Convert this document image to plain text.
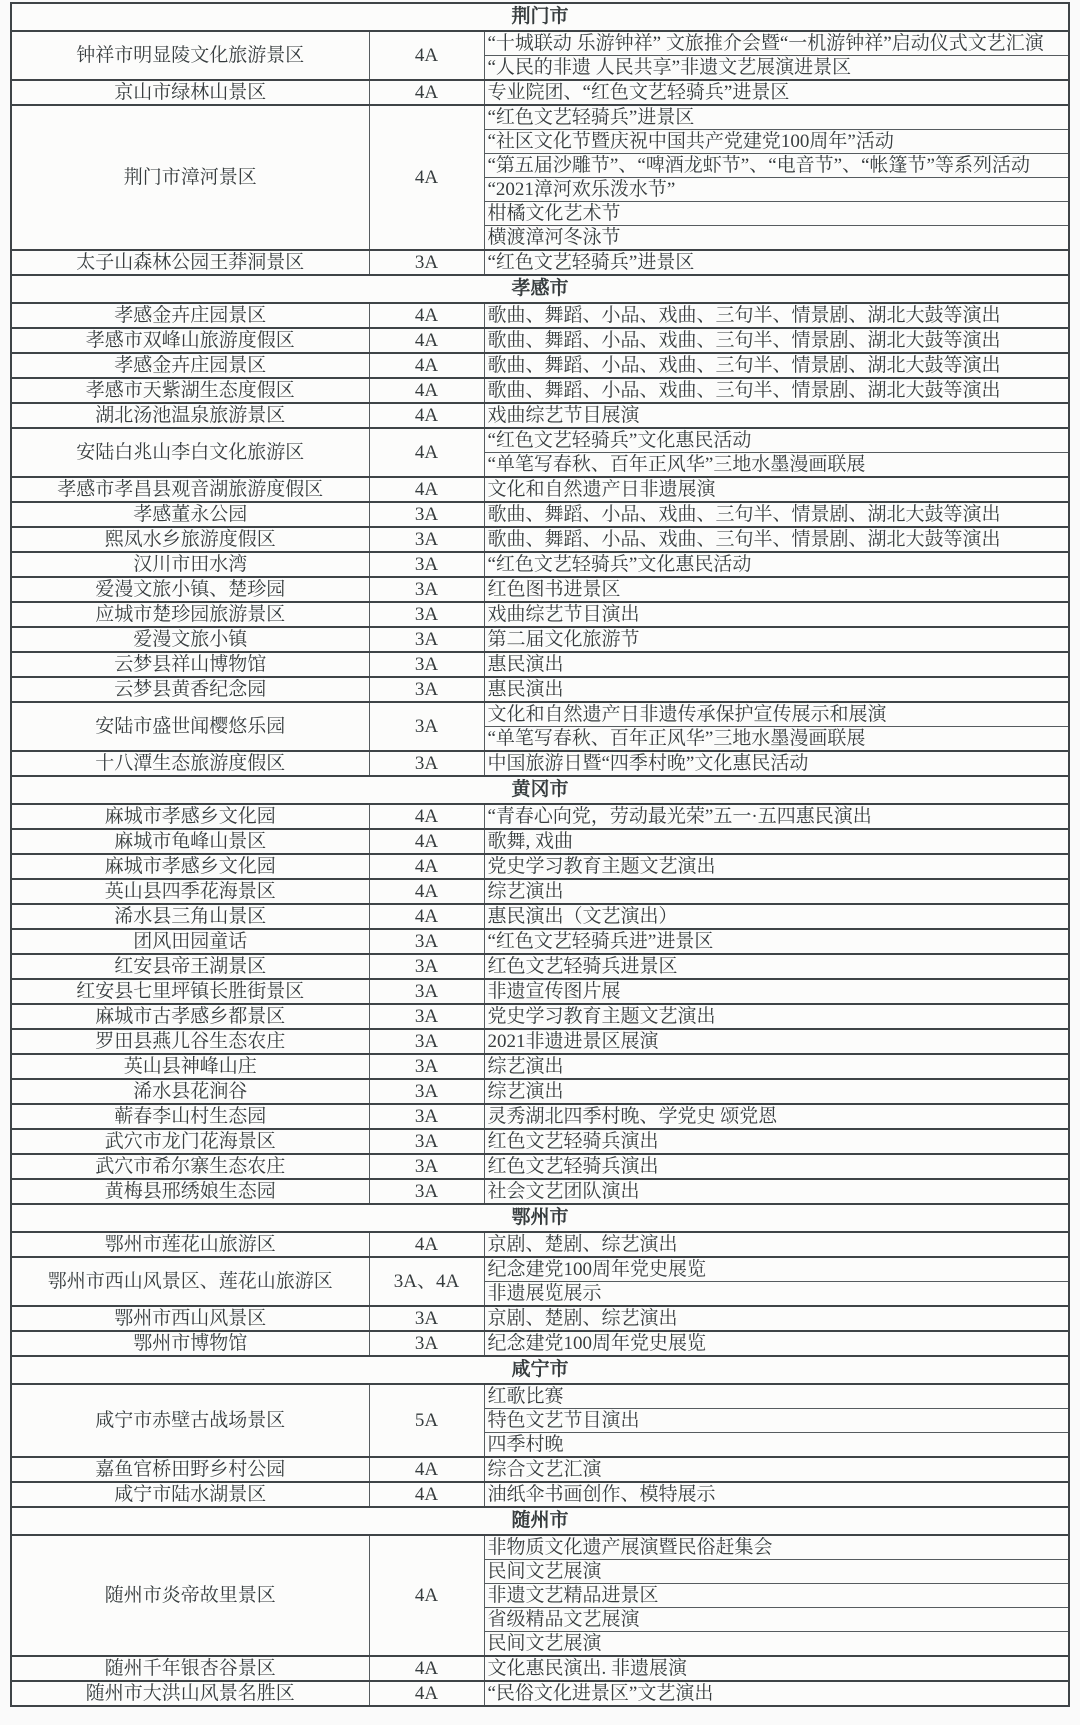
荆门市		
钟祥市明显陵文化旅游景区	4A	“十城联动 乐游钟祥” 文旅推介会暨“一机游钟祥”启动仪式文艺汇演
		“人民的非遗 人民共享”非遗文艺展演进景区
京山市绿林山景区	4A	专业院团、“红色文艺轻骑兵”进景区
荆门市漳河景区	4A	“红色文艺轻骑兵”进景区
		“社区文化节暨庆祝中国共产党建党100周年”活动
		“第五届沙雕节”、“啤酒龙虾节”、“电音节”、“帐篷节”等系列活动
		“2021漳河欢乐泼水节”
		柑橘文化艺术节
		横渡漳河冬泳节
太子山森林公园王莽洞景区	3A	“红色文艺轻骑兵”进景区
孝感市		
孝感金卉庄园景区	4A	歌曲、舞蹈、小品、戏曲、三句半、情景剧、湖北大鼓等演出
孝感市双峰山旅游度假区	4A	歌曲、舞蹈、小品、戏曲、三句半、情景剧、湖北大鼓等演出
孝感金卉庄园景区	4A	歌曲、舞蹈、小品、戏曲、三句半、情景剧、湖北大鼓等演出
孝感市天紫湖生态度假区	4A	歌曲、舞蹈、小品、戏曲、三句半、情景剧、湖北大鼓等演出
湖北汤池温泉旅游景区	4A	戏曲综艺节目展演
安陆白兆山李白文化旅游区	4A	“红色文艺轻骑兵”文化惠民活动
		“单笔写春秋、百年正风华”三地水墨漫画联展
孝感市孝昌县观音湖旅游度假区	4A	文化和自然遗产日非遗展演
孝感董永公园	3A	歌曲、舞蹈、小品、戏曲、三句半、情景剧、湖北大鼓等演出
熙凤水乡旅游度假区	3A	歌曲、舞蹈、小品、戏曲、三句半、情景剧、湖北大鼓等演出
汉川市田水湾	3A	“红色文艺轻骑兵”文化惠民活动
爱漫文旅小镇、楚珍园	3A	红色图书进景区
应城市楚珍园旅游景区	3A	戏曲综艺节目演出
爱漫文旅小镇	3A	第二届文化旅游节
云梦县祥山博物馆	3A	惠民演出
云梦县黄香纪念园	3A	惠民演出
安陆市盛世闻樱悠乐园	3A	文化和自然遗产日非遗传承保护宣传展示和展演
		“单笔写春秋、百年正风华”三地水墨漫画联展
十八潭生态旅游度假区	3A	中国旅游日暨“四季村晚”文化惠民活动
黄冈市		
麻城市孝感乡文化园	4A	“青春心向党，劳动最光荣”五一·五四惠民演出
麻城市龟峰山景区	4A	歌舞, 戏曲
麻城市孝感乡文化园	4A	党史学习教育主题文艺演出
英山县四季花海景区	4A	综艺演出
浠水县三角山景区	4A	惠民演出（文艺演出）
团风田园童话	3A	“红色文艺轻骑兵进”进景区
红安县帝王湖景区	3A	红色文艺轻骑兵进景区
红安县七里坪镇长胜街景区	3A	非遗宣传图片展
麻城市古孝感乡都景区	3A	党史学习教育主题文艺演出
罗田县燕儿谷生态农庄	3A	2021非遗进景区展演
英山县神峰山庄	3A	综艺演出
浠水县花涧谷	3A	综艺演出
蕲春李山村生态园	3A	灵秀湖北四季村晚、学党史 颂党恩
武穴市龙门花海景区	3A	红色文艺轻骑兵演出
武穴市希尔寨生态农庄	3A	红色文艺轻骑兵演出
黄梅县邢绣娘生态园	3A	社会文艺团队演出
鄂州市		
鄂州市莲花山旅游区	4A	京剧、楚剧、综艺演出
鄂州市西山风景区、莲花山旅游区	3A、4A	纪念建党100周年党史展览
		非遗展览展示
鄂州市西山风景区	3A	京剧、楚剧、综艺演出
鄂州市博物馆	3A	纪念建党100周年党史展览
咸宁市		
咸宁市赤壁古战场景区	5A	红歌比赛
		特色文艺节目演出
		四季村晚
嘉鱼官桥田野乡村公园	4A	综合文艺汇演
咸宁市陆水湖景区	4A	油纸伞书画创作、模特展示
随州市		
随州市炎帝故里景区	4A	非物质文化遗产展演暨民俗赶集会
		民间文艺展演
		非遗文艺精品进景区
		省级精品文艺展演
		民间文艺展演
随州千年银杏谷景区	4A	文化惠民演出. 非遗展演
随州市大洪山风景名胜区	4A	“民俗文化进景区”文艺演出
